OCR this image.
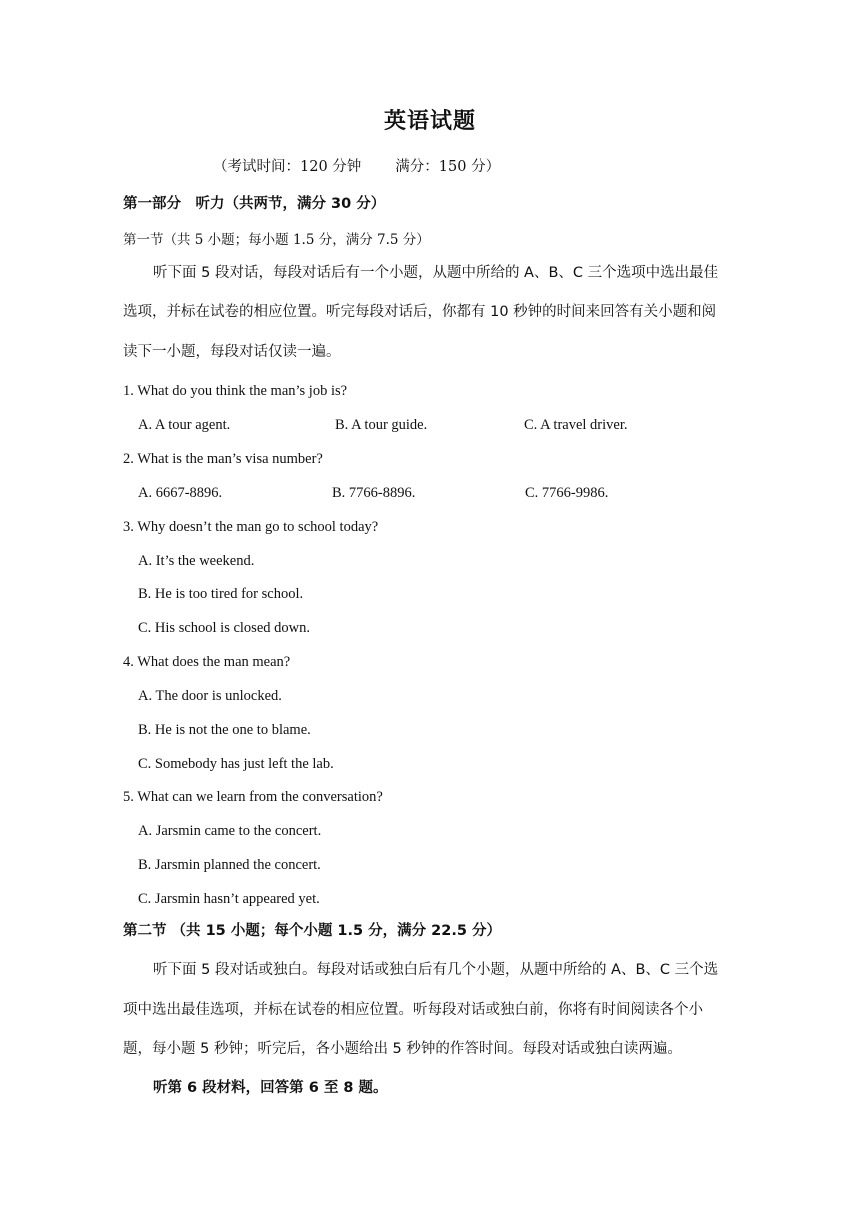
英语试题
（考试时间：120 分钟 满分：150 分）
第一部分　听力（共两节，满分 30 分）
第一节（共 5 小题；每小题 1.5 分，满分 7.5 分）
听下面 5 段对话，每段对话后有一个小题，从题中所给的 A、B、C 三个选项中选出最佳
选项，并标在试卷的相应位置。听完每段对话后，你都有 10 秒钟的时间来回答有关小题和阅
读下一小题，每段对话仅读一遍。
1. What do you think the man’s job is?
A. A tour agent.	B. A tour guide.	C. A travel driver.
2. What is the man’s visa number?
A. 6667-8896.	B. 7766-8896.	C. 7766-9986.
3. Why doesn’t the man go to school today?
A. It’s the weekend.
B. He is too tired for school.
C. His school is closed down.
4. What does the man mean?
A. The door is unlocked.
B. He is not the one to blame.
C. Somebody has just left the lab.
5. What can we learn from the conversation?
A. Jarsmin came to the concert.
B. Jarsmin planned the concert.
C. Jarsmin hasn’t appeared yet.
第二节 （共 15 小题；每个小题 1.5 分，满分 22.5 分）
听下面 5 段对话或独白。每段对话或独白后有几个小题，从题中所给的 A、B、C 三个选
项中选出最佳选项，并标在试卷的相应位置。听每段对话或独白前，你将有时间阅读各个小
题，每小题 5 秒钟；听完后，各小题给出 5 秒钟的作答时间。每段对话或独白读两遍。
听第 6 段材料，回答第 6 至 8 题。
